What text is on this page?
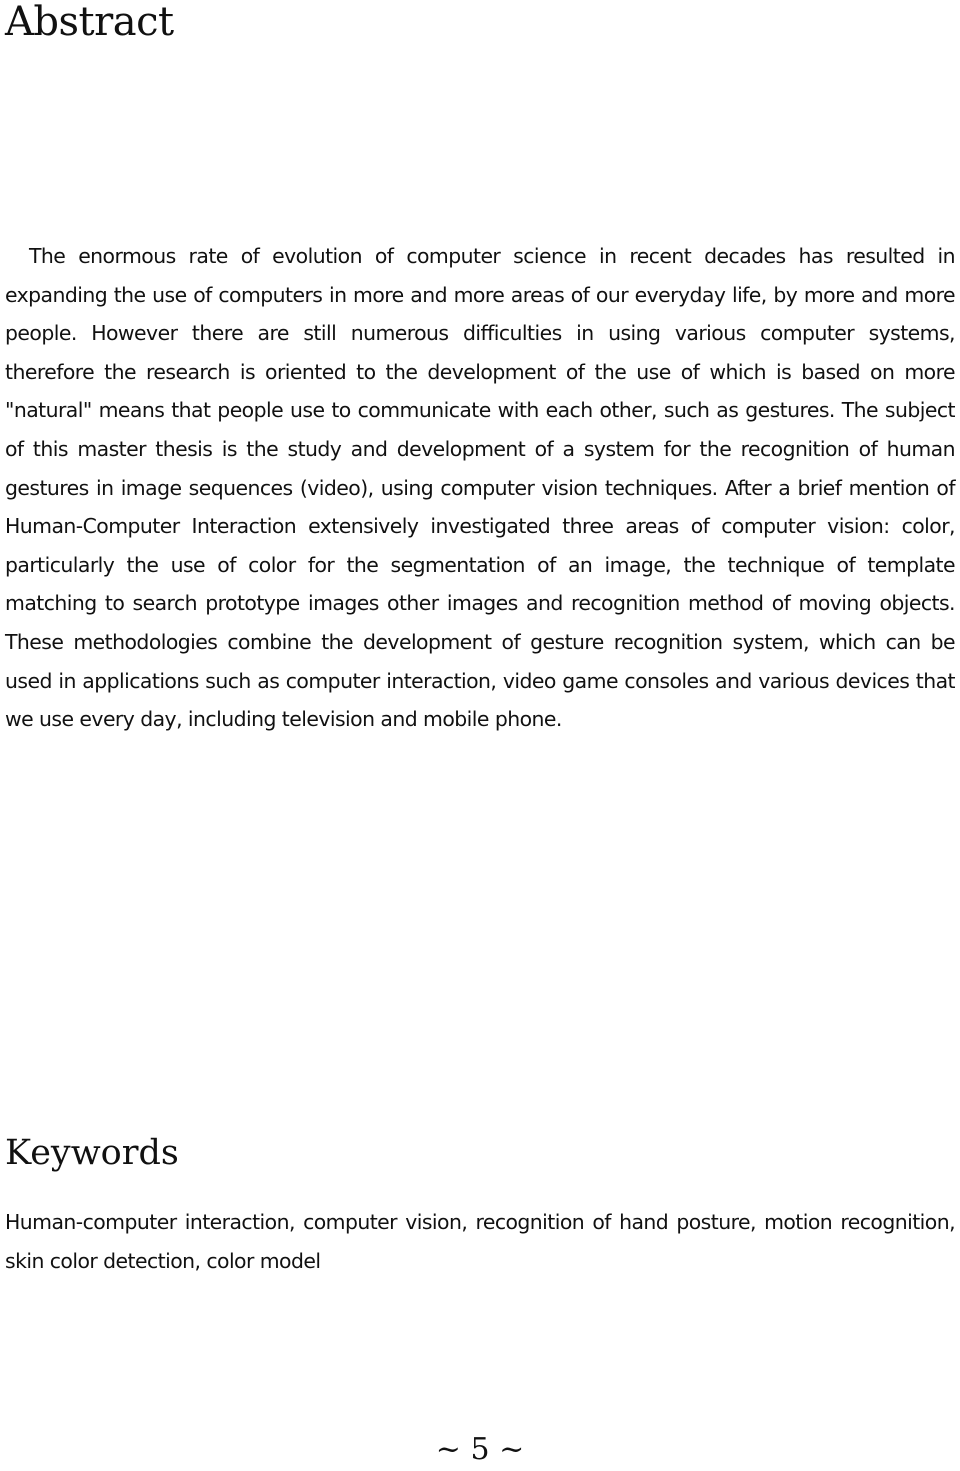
Abstract

The enormous rate of evolution of computer science in recent decades has resulted in expanding the use of computers in more and more areas of our everyday life, by more and more people. However there are still numerous difficulties in using various computer systems, therefore the research is oriented to the development of the use of which is based on more "natural" means that people use to communicate with each other, such as gestures. The subject of this master thesis is the study and development of a system for the recognition of human gestures in image sequences (video), using computer vision techniques. After a brief mention of Human-Computer Interaction extensively investigated three areas of computer vision: color, particularly the use of color for the segmentation of an image, the technique of template matching to search prototype images other images and recognition method of moving objects. These methodologies combine the development of gesture recognition system, which can be used in applications such as computer interaction, video game consoles and various devices that we use every day, including television and mobile phone.

Keywords

Human-computer interaction, computer vision, recognition of hand posture, motion recognition, skin color detection, color model

~ 5 ~
